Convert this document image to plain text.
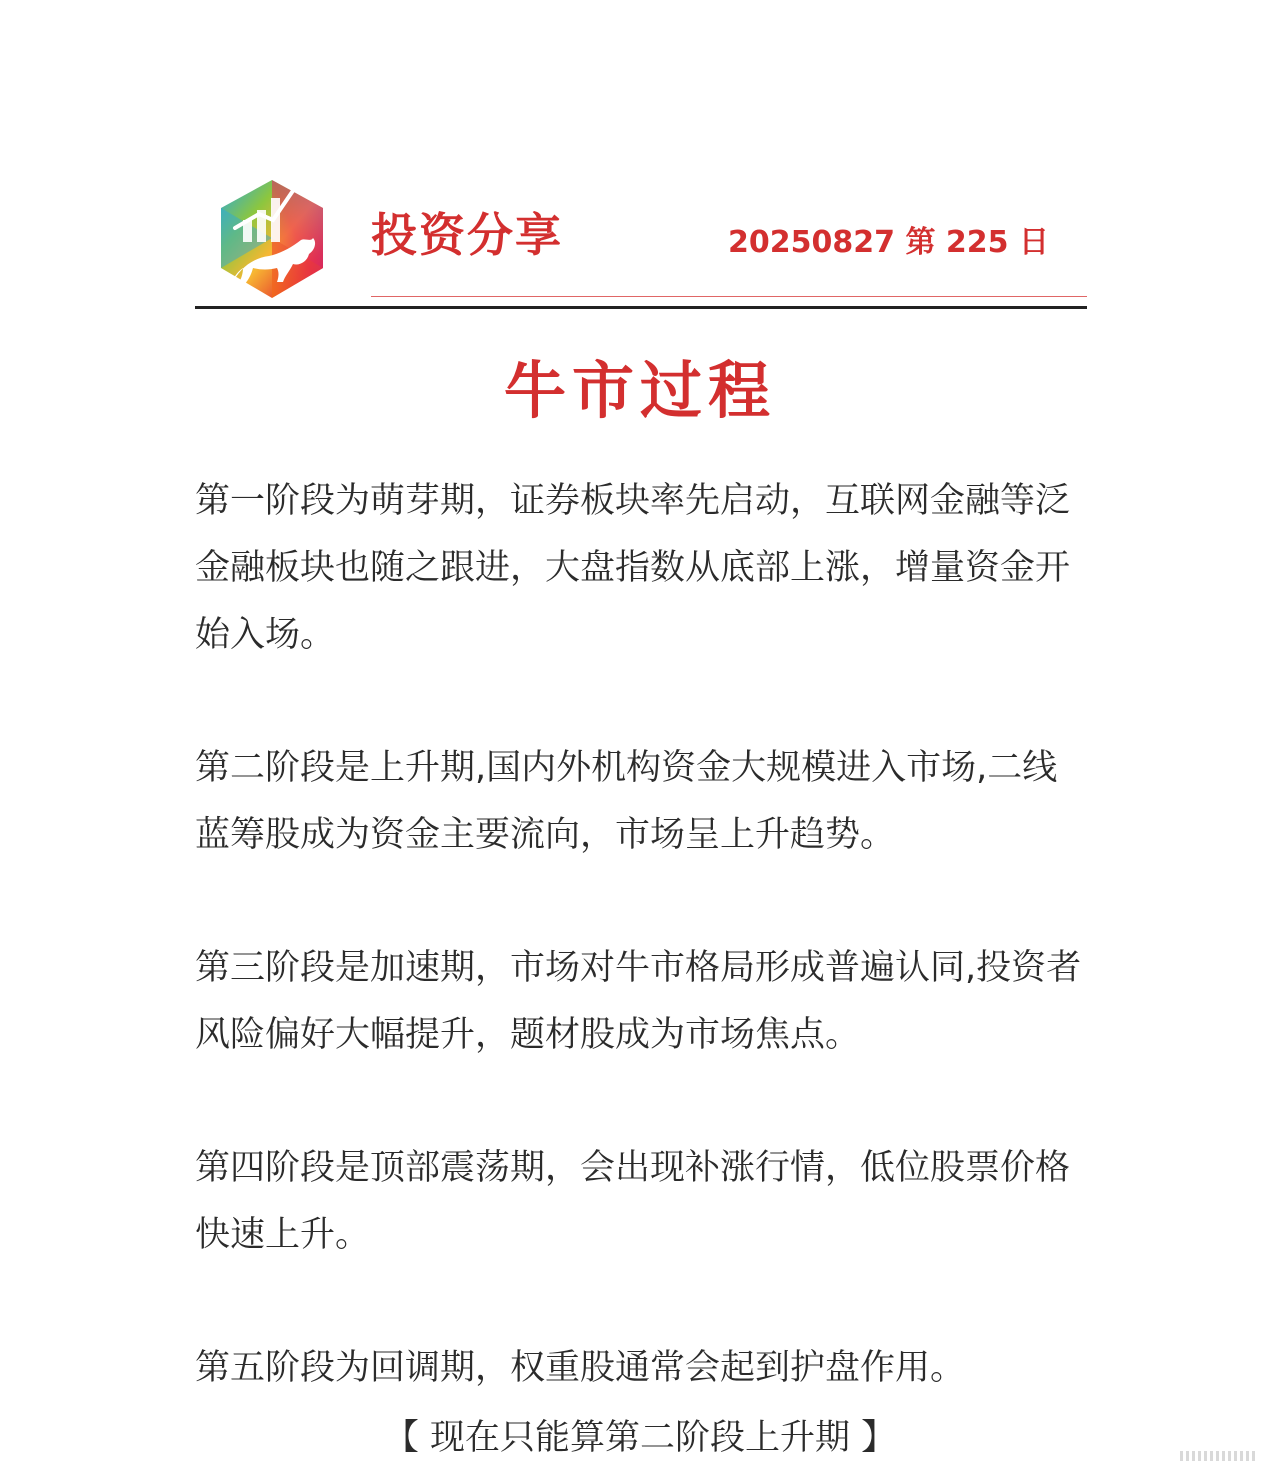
投资分享	20250827 第 225 日
牛市过程

第一阶段为萌芽期，证券板块率先启动，互联网金融等泛金融板块也随之跟进，大盘指数从底部上涨，增量资金开始入场。

第二阶段是上升期,国内外机构资金大规模进入市场,二线蓝筹股成为资金主要流向，市场呈上升趋势。

第三阶段是加速期，市场对牛市格局形成普遍认同,投资者风险偏好大幅提升，题材股成为市场焦点。

第四阶段是顶部震荡期，会出现补涨行情，低位股票价格快速上升。

第五阶段为回调期，权重股通常会起到护盘作用。

【 现在只能算第二阶段上升期 】
